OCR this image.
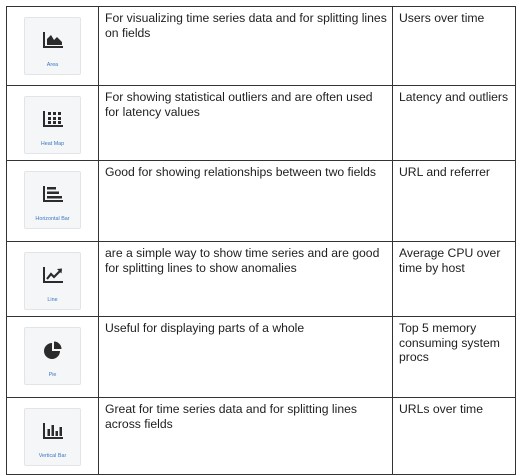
Area	For visualizing time series data and for splitting lines on fields	Users over time

Heat Map	For showing statistical outliers and are often used for latency values	Latency and outliers

Horizontal Bar	Good for showing relationships between two fields	URL and referrer

Line	are a simple way to show time series and are good for splitting lines to show anomalies	Average CPU over time by host

Pie	Useful for displaying parts of a whole	Top 5 memory consuming system procs

Vertical Bar	Great for time series data and for splitting lines across fields	URLs over time
